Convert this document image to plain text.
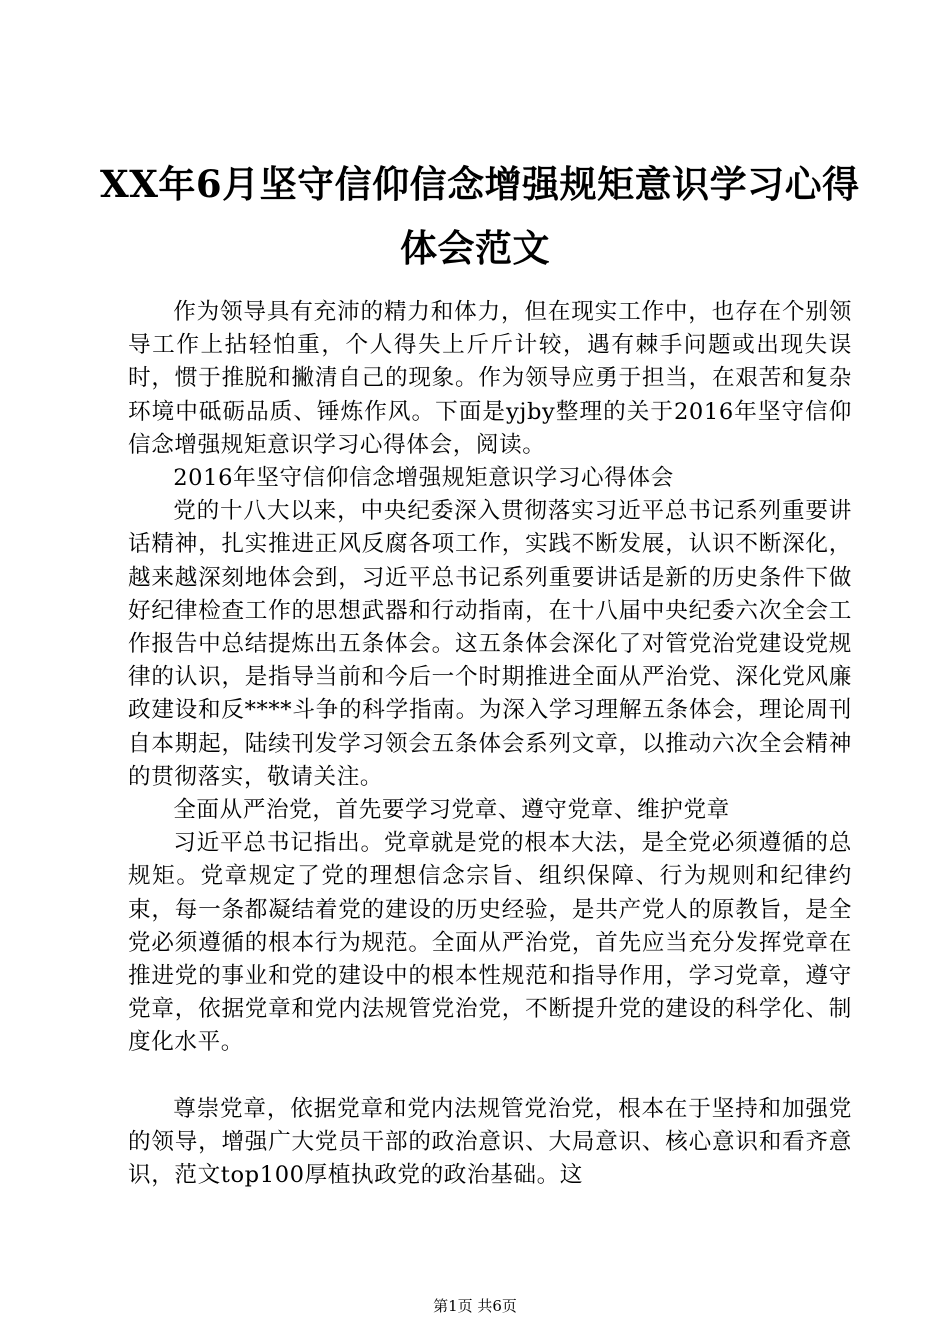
XX年6月坚守信仰信念增强规矩意识学习心得
体会范文

作为领导具有充沛的精力和体力，但在现实工作中，也存在个别领导工作上拈轻怕重，个人得失上斤斤计较，遇有棘手问题或出现失误时，惯于推脱和撇清自己的现象。作为领导应勇于担当，在艰苦和复杂环境中砥砺品质、锤炼作风。下面是yjby整理的关于2016年坚守信仰信念增强规矩意识学习心得体会，阅读。

2016年坚守信仰信念增强规矩意识学习心得体会

党的十八大以来，中央纪委深入贯彻落实习近平总书记系列重要讲话精神，扎实推进正风反腐各项工作，实践不断发展，认识不断深化，越来越深刻地体会到，习近平总书记系列重要讲话是新的历史条件下做好纪律检查工作的思想武器和行动指南，在十八届中央纪委六次全会工作报告中总结提炼出五条体会。这五条体会深化了对管党治党建设党规律的认识，是指导当前和今后一个时期推进全面从严治党、深化党风廉政建设和反****斗争的科学指南。为深入学习理解五条体会，理论周刊自本期起，陆续刊发学习领会五条体会系列文章，以推动六次全会精神的贯彻落实，敬请关注。

全面从严治党，首先要学习党章、遵守党章、维护党章

习近平总书记指出。党章就是党的根本大法，是全党必须遵循的总规矩。党章规定了党的理想信念宗旨、组织保障、行为规则和纪律约束，每一条都凝结着党的建设的历史经验，是共产党人的原教旨，是全党必须遵循的根本行为规范。全面从严治党，首先应当充分发挥党章在推进党的事业和党的建设中的根本性规范和指导作用，学习党章，遵守党章，依据党章和党内法规管党治党，不断提升党的建设的科学化、制度化水平。

尊崇党章，依据党章和党内法规管党治党，根本在于坚持和加强党的领导，增强广大党员干部的政治意识、大局意识、核心意识和看齐意识，范文top100厚植执政党的政治基础。这

第1页 共6页
